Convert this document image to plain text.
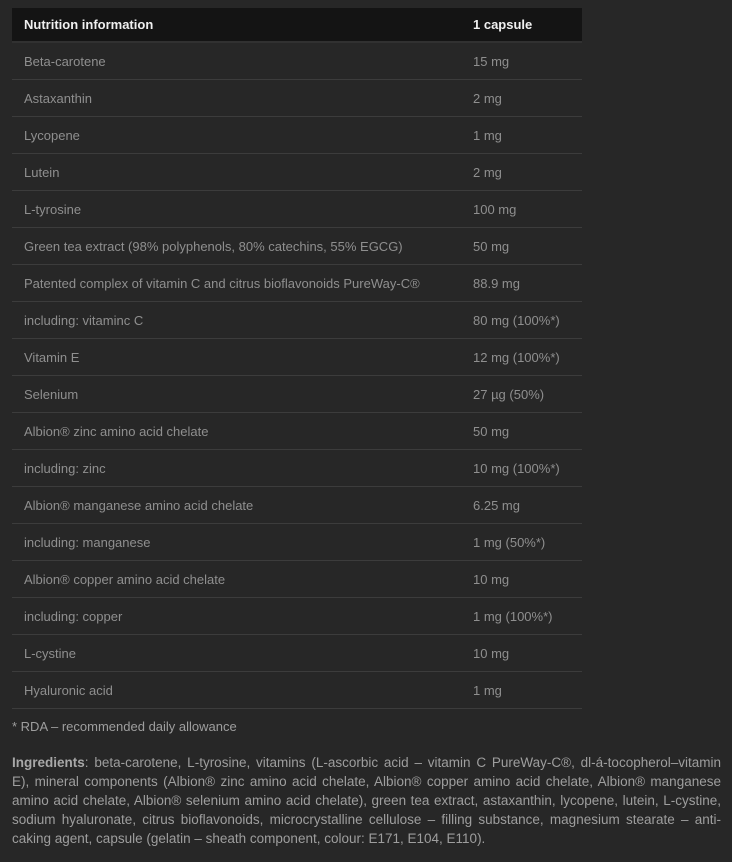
Nutrition information	1 capsule
Beta-carotene	15 mg
Astaxanthin	2 mg
Lycopene	1 mg
Lutein	2 mg
L-tyrosine	100 mg
Green tea extract (98% polyphenols, 80% catechins, 55% EGCG)	50 mg
Patented complex of vitamin C and citrus bioflavonoids PureWay-C®	88.9 mg
including: vitaminc C	80 mg (100%*)
Vitamin E	12 mg (100%*)
Selenium	27 µg (50%)
Albion® zinc amino acid chelate	50 mg
including: zinc	10 mg (100%*)
Albion® manganese amino acid chelate	6.25 mg
including: manganese	1 mg (50%*)
Albion® copper amino acid chelate	10 mg
including: copper	1 mg (100%*)
L-cystine	10 mg
Hyaluronic acid	1 mg
* RDA – recommended daily allowance
Ingredients: beta-carotene, L-tyrosine, vitamins (L-ascorbic acid – vitamin C PureWay-C®, dl-á-tocopherol–vitamin E), mineral components (Albion® zinc amino acid chelate, Albion® copper amino acid chelate, Albion® manganese amino acid chelate, Albion® selenium amino acid chelate), green tea extract, astaxanthin, lycopene, lutein, L-cystine, sodium hyaluronate, citrus bioflavonoids, microcrystalline cellulose – filling substance, magnesium stearate – anti-caking agent, capsule (gelatin – sheath component, colour: E171, E104, E110).
